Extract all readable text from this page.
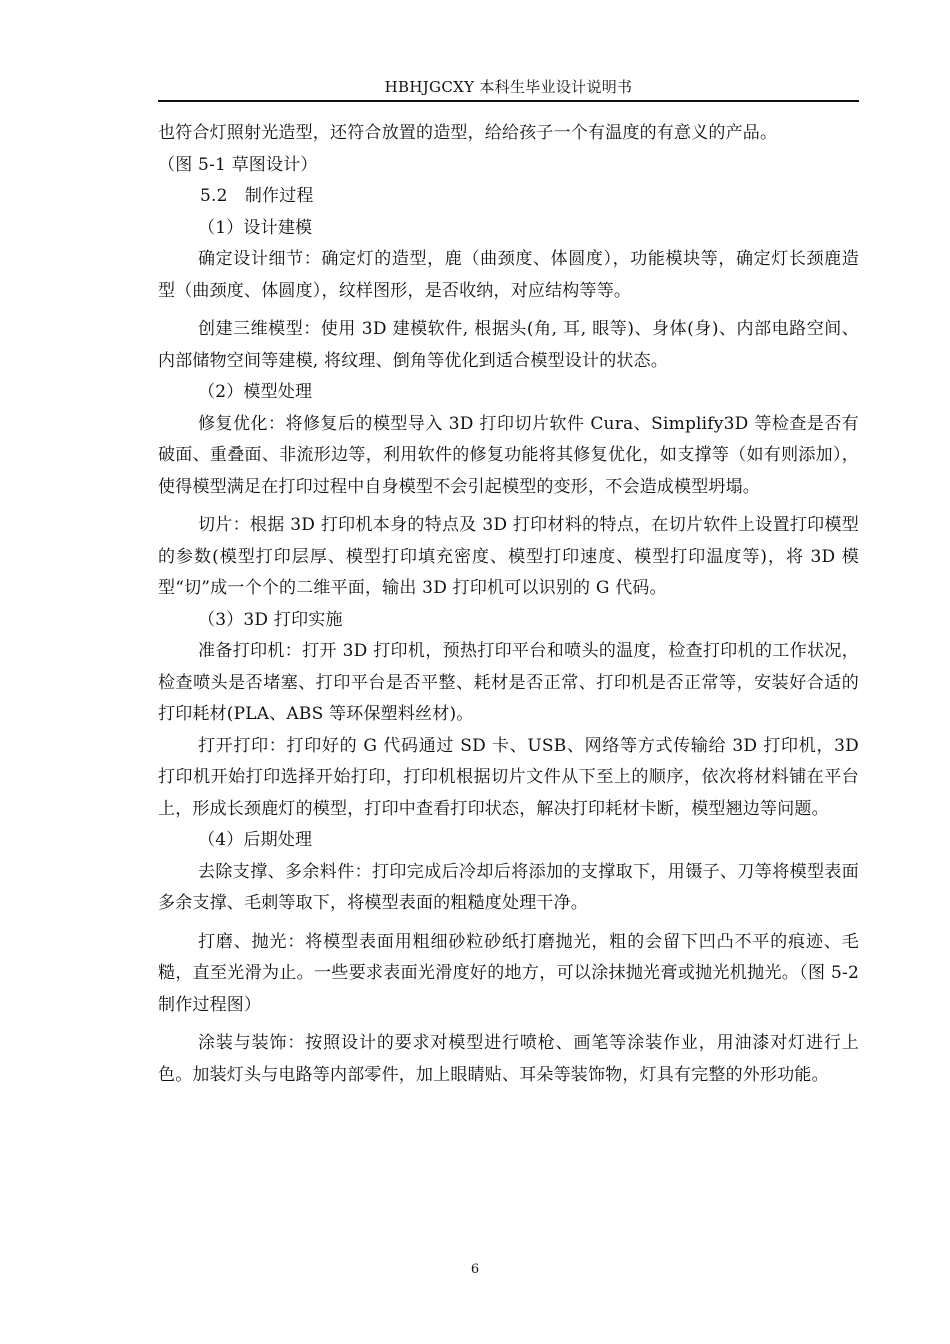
HBHJGCXY 本科生毕业设计说明书

也符合灯照射光造型，还符合放置的造型，给给孩子一个有温度的有意义的产品。

（图 5-1 草图设计）

5.2　制作过程

（1）设计建模

确定设计细节：确定灯的造型，鹿（曲颈度、体圆度），功能模块等，确定灯长颈鹿造型（曲颈度、体圆度），纹样图形，是否收纳，对应结构等等。

创建三维模型：使用 3D 建模软件, 根据头(角, 耳, 眼等)、身体(身)、内部电路空间、内部储物空间等建模, 将纹理、倒角等优化到适合模型设计的状态。

（2）模型处理

修复优化：将修复后的模型导入 3D 打印切片软件 Cura、Simplify3D 等检查是否有破面、重叠面、非流形边等，利用软件的修复功能将其修复优化，如支撑等（如有则添加），使得模型满足在打印过程中自身模型不会引起模型的变形，不会造成模型坍塌。

切片：根据 3D 打印机本身的特点及 3D 打印材料的特点，在切片软件上设置打印模型的参数(模型打印层厚、模型打印填充密度、模型打印速度、模型打印温度等)，将 3D 模型“切”成一个个的二维平面，输出 3D 打印机可以识别的 G 代码。

（3）3D 打印实施

准备打印机：打开 3D 打印机，预热打印平台和喷头的温度，检查打印机的工作状况，检查喷头是否堵塞、打印平台是否平整、耗材是否正常、打印机是否正常等，安装好合适的打印耗材(PLA、ABS 等环保塑料丝材)。

打开打印：打印好的 G 代码通过 SD 卡、USB、网络等方式传输给 3D 打印机，3D 打印机开始打印选择开始打印，打印机根据切片文件从下至上的顺序，依次将材料铺在平台上，形成长颈鹿灯的模型，打印中查看打印状态，解决打印耗材卡断，模型翘边等问题。

（4）后期处理

去除支撑、多余料件：打印完成后冷却后将添加的支撑取下，用镊子、刀等将模型表面多余支撑、毛刺等取下，将模型表面的粗糙度处理干净。

打磨、抛光：将模型表面用粗细砂粒砂纸打磨抛光，粗的会留下凹凸不平的痕迹、毛糙，直至光滑为止。一些要求表面光滑度好的地方，可以涂抹抛光膏或抛光机抛光。（图 5-2 制作过程图）

涂装与装饰：按照设计的要求对模型进行喷枪、画笔等涂装作业，用油漆对灯进行上色。加装灯头与电路等内部零件，加上眼睛贴、耳朵等装饰物，灯具有完整的外形功能。

6
